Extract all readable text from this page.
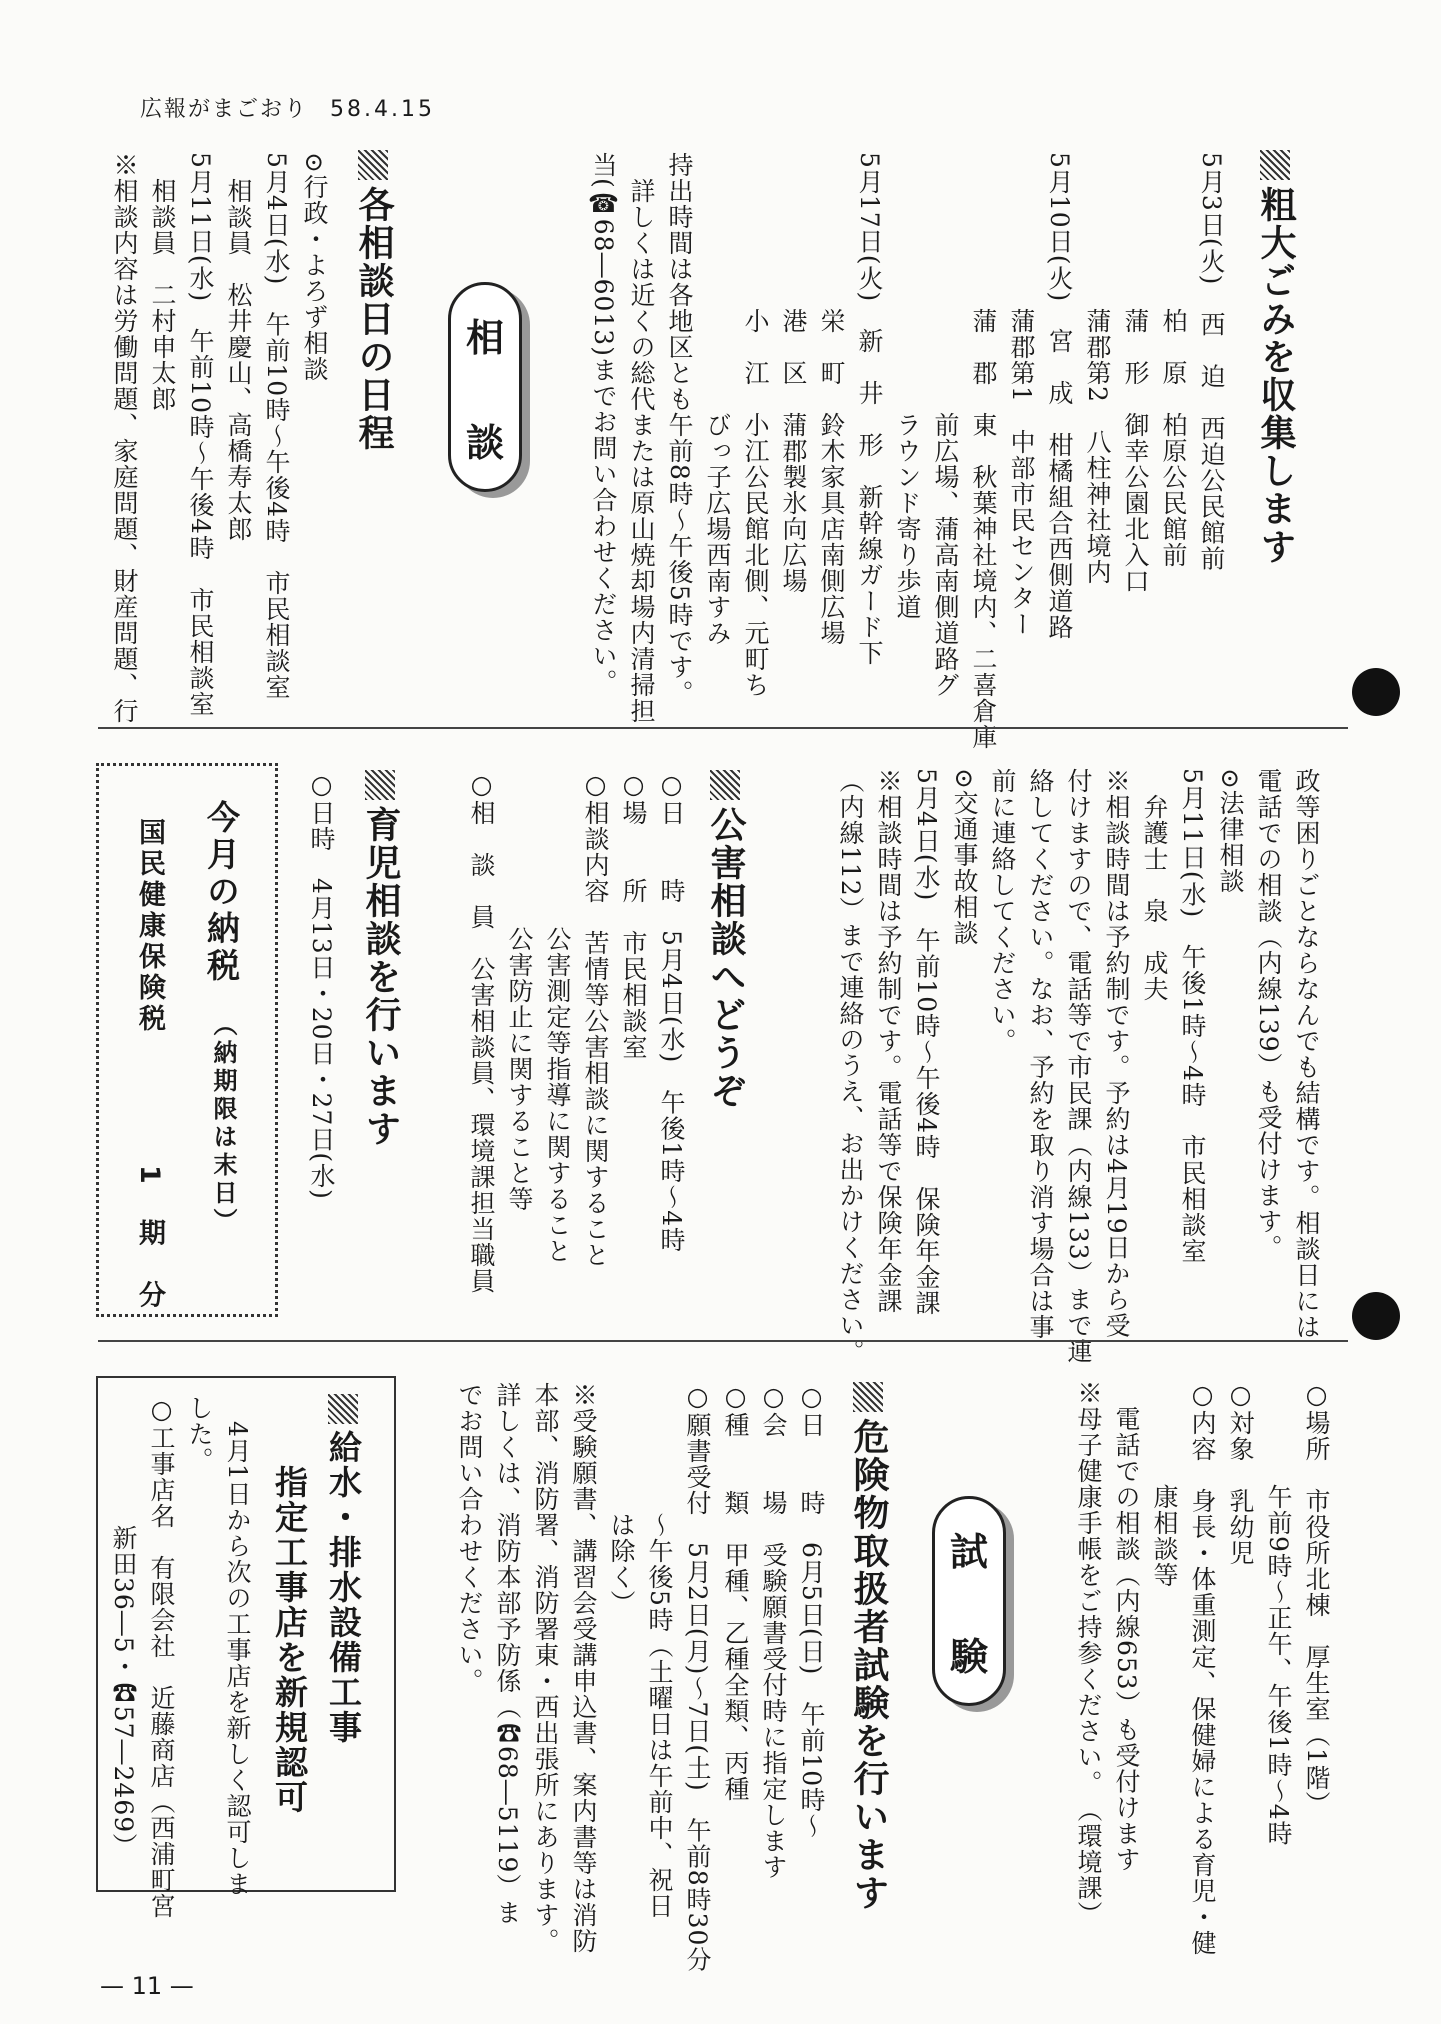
広報がまごおり 58.4.15
粗大ごみを収集します
5月3日(火)　西　迫　西迫公民館前
　　　　　　柏　原　柏原公民館前
　　　　　　蒲　形　御幸公園北入口
　　　　　　蒲郡第2　八柱神社境内
5月10日(火)　宮　成　柑橘組合西側道路
　　　　　　蒲郡第1　中部市民センター
　　　　　　蒲　郡　東　秋葉神社境内、二喜倉庫
　　　　　　　　　　前広場、蒲高南側道路グ
　　　　　　　　　　ラウンド寄り歩道
5月17日(火)　新　井　形　新幹線ガード下
　　　　　　栄　町　鈴木家具店南側広場
　　　　　　港　区　蒲郡製氷向広場
　　　　　　小　江　小江公民館北側、元町ち
　　　　　　　　　　びっ子広場西南すみ
持出時間は各地区とも午前8時〜午後5時です。
　詳しくは近くの総代または原山焼却場内清掃担
当(☎68―6013)までお問い合わせください。
相
談
各相談日の日程
⊙行政・よろず相談
5月4日(水)　午前10時〜午後4時　市民相談室
　相談員　松井慶山、高橋寿太郎
5月11日(水)　午前10時〜午後4時　市民相談室
　相談員　二村申太郎
※相談内容は労働問題、家庭問題、財産問題、行
政等困りごとならなんでも結構です。相談日には
電話での相談（内線139）も受付けます。
⊙法律相談
5月11日(水)　午後1時〜4時　市民相談室
　弁護士　泉　成夫
※相談時間は予約制です。予約は4月19日から受
付けますので、電話等で市民課（内線133）まで連
絡してください。なお、予約を取り消す場合は事
前に連絡してください。
⊙交通事故相談
5月4日(水)　午前10時〜午後4時　保険年金課
※相談時間は予約制です。電話等で保険年金課
（内線112）まで連絡のうえ、お出かけください。
公害相談へどうぞ
○日　　時　5月4日(水)　午後1時〜4時
○場　　所　市民相談室
○相談内容　苦情等公害相談に関すること
　　　　　　公害測定等指導に関すること
　　　　　　公害防止に関すること等
○相　談　員　公害相談員、環境課担当職員
育児相談を行います
○日時　4月13日・20日・27日(水)
今月の納税
（納期限は末日）
国民健康保険税
1　期　分
○場所　市役所北棟　厚生室（1階）
　　　　午前9時〜正午、午後1時〜4時
○対象　乳幼児
○内容　身長・体重測定、保健婦による育児・健
　　　　康相談等
　電話での相談（内線653）も受付けます
※母子健康手帳をご持参ください。　（環境課）
試
験
危険物取扱者試験を行います
○日　　時　6月5日(日)　午前10時〜
○会　　場　受験願書受付時に指定します
○種　　類　甲種、乙種全類、丙種
○願書受付　5月2日(月)〜7日(土)　午前8時30分
　　　　　〜午後5時（土曜日は午前中、祝日
　　　　　は除く）
※受験願書、講習会受講申込書、案内書等は消防
本部、消防署、消防署東・西出張所にあります。
詳しくは、消防本部予防係（☎68―5119）ま
でお問い合わせください。
給水・排水設備工事
指定工事店を新規認可
　4月1日から次の工事店を新しく認可しま
した。
○工事店名　有限会社　近藤商店（西浦町宮
　　　　　新田36―5・☎57―2469）
— 11 —
